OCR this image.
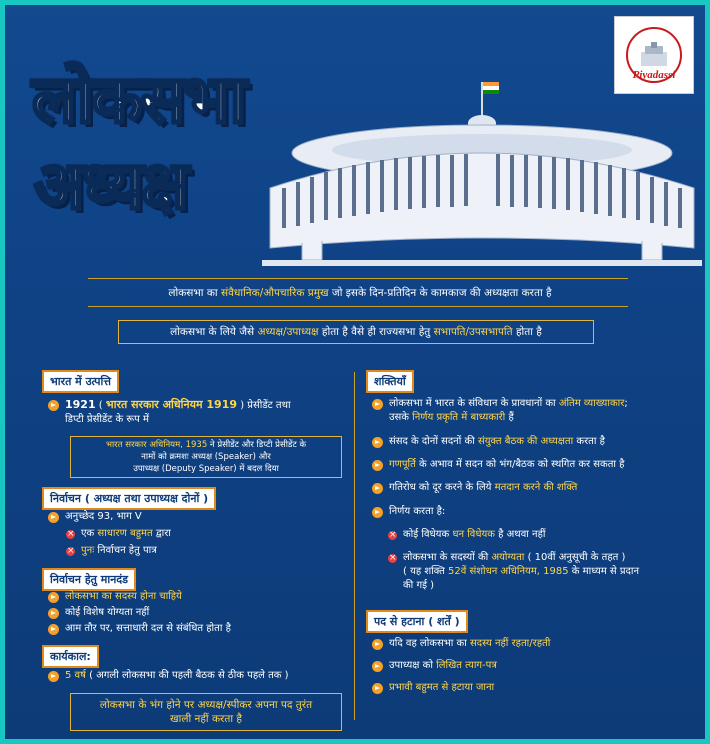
लोकसभा
अध्यक्ष
Piyadassi
लोकसभा का संवैधानिक/औपचारिक प्रमुख जो इसके दिन-प्रतिदिन के कामकाज की अध्यक्षता करता है
लोकसभा के लिये जैसे अध्यक्ष/उपाध्यक्ष होता है वैसे ही राज्यसभा हेतु सभापति/उपसभापति होता है
भारत में उत्पत्ति
1921 ( भारत सरकार अधिनियम 1919 ) प्रेसीडेंट तथा
डिप्टी प्रेसीडेंट के रूप में
भारत सरकार अधिनियम, 1935 ने प्रेसीडेंट और डिप्टी प्रेसीडेंट के
नामों को क्रमशः अध्यक्ष (Speaker) और
उपाध्यक्ष (Deputy Speaker) में बदल दिया
निर्वाचन ( अध्यक्ष तथा उपाध्यक्ष दोनों )
अनुच्छेद 93, भाग V
×
एक साधारण बहुमत द्वारा
×
पुनः निर्वाचन हेतु पात्र
निर्वाचन हेतु मानदंड
लोकसभा का सदस्य होना चाहिये
कोई विशेष योग्यता नहीं
आम तौर पर, सत्ताधारी दल से संबंधित होता है
कार्यकाल:
5 वर्ष ( अगली लोकसभा की पहली बैठक से ठीक पहले तक )
लोकसभा के भंग होने पर अध्यक्ष/स्पीकर अपना पद तुरंत
खाली नहीं करता है
शक्तियाँ
लोकसभा में भारत के संविधान के प्रावधानों का अंतिम व्याख्याकार;
उसके निर्णय प्रकृति में बाध्यकारी हैं
संसद के दोनों सदनों की संयुक्त बैठक की अध्यक्षता करता है
गणपूर्ति के अभाव में सदन को भंग/बैठक को स्थगित कर सकता है
गतिरोध को दूर करने के लिये मतदान करने की शक्ति
निर्णय करता है:
×
कोई विधेयक धन विधेयक है अथवा नहीं
×
लोकसभा के सदस्यों की अयोग्यता ( 10वीं अनुसूची के तहत )
( यह शक्ति 52वें संशोधन अधिनियम, 1985 के माध्यम से प्रदान
की गई )
पद से हटाना ( शर्तें )
यदि वह लोकसभा का सदस्य नहीं रहता/रहती
उपाध्यक्ष को लिखित त्याग-पत्र
प्रभावी बहुमत से हटाया जाना
